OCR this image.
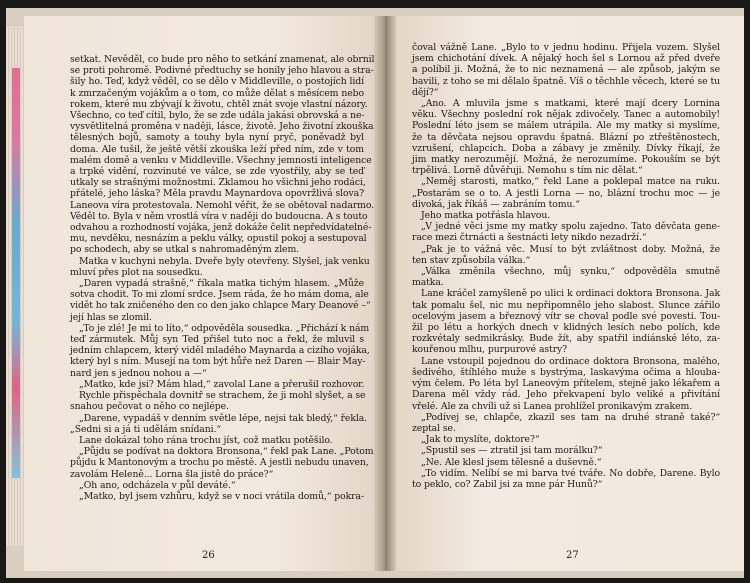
setkat. Nevěděl, co bude pro něho to setkání znamenat, ale obrnil
se proti pohromě. Podivné předtuchy se honily jeho hlavou a stra-
šily ho. Teď, když věděl, co se dělo v Middleville, o postojích lidí
k zmrzačeným vojákům a o tom, co může dělat s měsícem nebo
rokem, které mu zbývají k životu, chtěl znát svoje vlastní názory.
Všechno, co teď cítil, bylo, že se zde udála jakási obrovská a ne-
vysvětlitelná proměna v naději, lásce, životě. Jeho životní zkouška
tělesných bojů, samoty a touhy byla nyní pryč, poněvadž byl
doma. Ale tušil, že ještě větší zkouška leží před ním, zde v tom
malém domě a venku v Middleville. Všechny jemnosti inteligence
a trpké vidění, rozvinuté ve válce, se zde vyostřily, aby se teď
utkaly se strašnými možnostmi. Zklamou ho všichni jeho rodáci,
přátelé, jeho láska? Měla pravdu Maynardova opovržlivá slova?
Laneova víra protestovala. Nemohl věřit, že se obětoval nadarmo.
Věděl to. Byla v něm vrostlá víra v naději do budoucna. A s touto
odvahou a rozhodností vojáka, jenž dokáže čelit nepředvídatelné-
mu, nevděku, nesnázím a peklu války, opustil pokoj a sestupoval
po schodech, aby se utkal s nahromaděným zlem.
Matka v kuchyni nebyla. Dveře byly otevřeny. Slyšel, jak venku
mluví přes plot na sousedku.
„Daren vypadá strašně,“ říkala matka tichým hlasem. „Může
sotva chodit. To mi zlomí srdce. Jsem ráda, že ho mám doma, ale
vidět ho tak zničeného den co den jako chlapce Mary Deanové –“
její hlas se zlomil.
„To je zlé! Je mi to líto,“ odpověděla sousedka. „Přichází k nám
teď zármutek. Můj syn Ted přišel tuto noc a řekl, že mluvil s
jedním chlapcem, který viděl mladého Maynarda a cizího vojáka,
který byl s ním. Musejí na tom být hůře než Daren — Blair May-
nard jen s jednou nohou a —“
„Matko, kde jsi? Mám hlad,“ zavolal Lane a přerušil rozhovor.
Rychle přispěchala dovnitř se strachem, že ji mohl slyšet, a se
snahou pečovat o něho co nejlépe.
„Darene, vypadáš v denním světle lépe, nejsi tak bledý,“ řekla.
„Sedni si a já ti udělám snídani.“
Lane dokázal toho rána trochu jíst, což matku potěšilo.
„Půjdu se podívat na doktora Bronsona,“ řekl pak Lane. „Potom
půjdu k Mantonovým a trochu po městě. A jestli nebudu unaven,
zavolám Heleně... Lorna šla jistě do práce?“
„Oh ano, odcházela v půl deváté.“
„Matko, byl jsem vzhůru, když se v noci vrátila domů,“ pokra-
26
čoval vážně Lane. „Bylo to v jednu hodinu. Přijela vozem. Slyšel
jsem chichotání dívek. A nějaký hoch šel s Lornou až před dveře
a políbil ji. Možná, že to nic neznamená — ale způsob, jakým se
bavili, z toho se mi dělalo špatně. Víš o těchhle věcech, které se tu
dějí?“
„Ano. A mluvila jsme s matkami, které mají dcery Lornina
věku. Všechny poslední rok nějak zdivočely. Tanec a automobily!
Poslední léto jsem se málem utrápila. Ale my matky si myslíme,
že ta děvčata nejsou opravdu špatná. Blázní po ztřeštěnostech,
vzrušení, chlapcích. Doba a zábavy je změnily. Dívky říkají, že
jim matky nerozumějí. Možná, že nerozumíme. Pokouším se být
trpělivá. Lorně důvěřuji. Nemohu s tím nic dělat.“
„Neměj starosti, matko,“ řekl Lane a poklepal matce na ruku.
„Postarám se o to. A jestli Lorna — no, blázní trochu moc — je
divoká, jak říkáš — zabráním tomu.“
Jeho matka potřásla hlavou.
„V jedné věci jsme my matky spolu zajedno. Tato děvčata gene-
race mezi čtrnácti a šestnácti lety nikdo nezadrží.“
„Pak je to vážná věc. Musí to být zvláštnost doby. Možná, že
ten stav způsobila válka.“
„Válka změnila všechno, můj synku,“ odpověděla smutně
matka.
Lane kráčel zamyšleně po ulici k ordinaci doktora Bronsona. Jak
tak pomalu šel, nic mu nepřipomnělo jeho slabost. Slunce zářilo
ocelovým jasem a březnový vítr se choval podle své povesti. Tou-
žil po létu a horkých dnech v klidných lesích nebo polích, kde
rozkvétaly sedmikrásky. Bude žít, aby spatřil indiánské léto, za-
kouřenou mlhu, purpurové astry?
Lane vstoupil pojednou do ordinace doktora Bronsona, malého,
šedivého, štíhlého muže s bystrýma, laskavýma očima a hlouba-
vým čelem. Po léta byl Laneovým přítelem, stejně jako lékařem a
Darena měl vždy rád. Jeho překvapení bylo veliké a přivítání
vřelé. Ale za chvíli už si Lanea prohlížel pronikavým zrakem.
„Podívej se, chlapče, zkazil ses tam na druhé straně také?“
zeptal se.
„Jak to myslíte, doktore?“
„Spustil ses — ztratil jsi tam morálku?“
„Ne. Ale klesl jsem tělesně a duševně.“
„To vidím. Nelíbí se mi barva tvé tváře. No dobře, Darene. Bylo
to peklo, co? Zabil jsi za mne pár Hunů?“
27
